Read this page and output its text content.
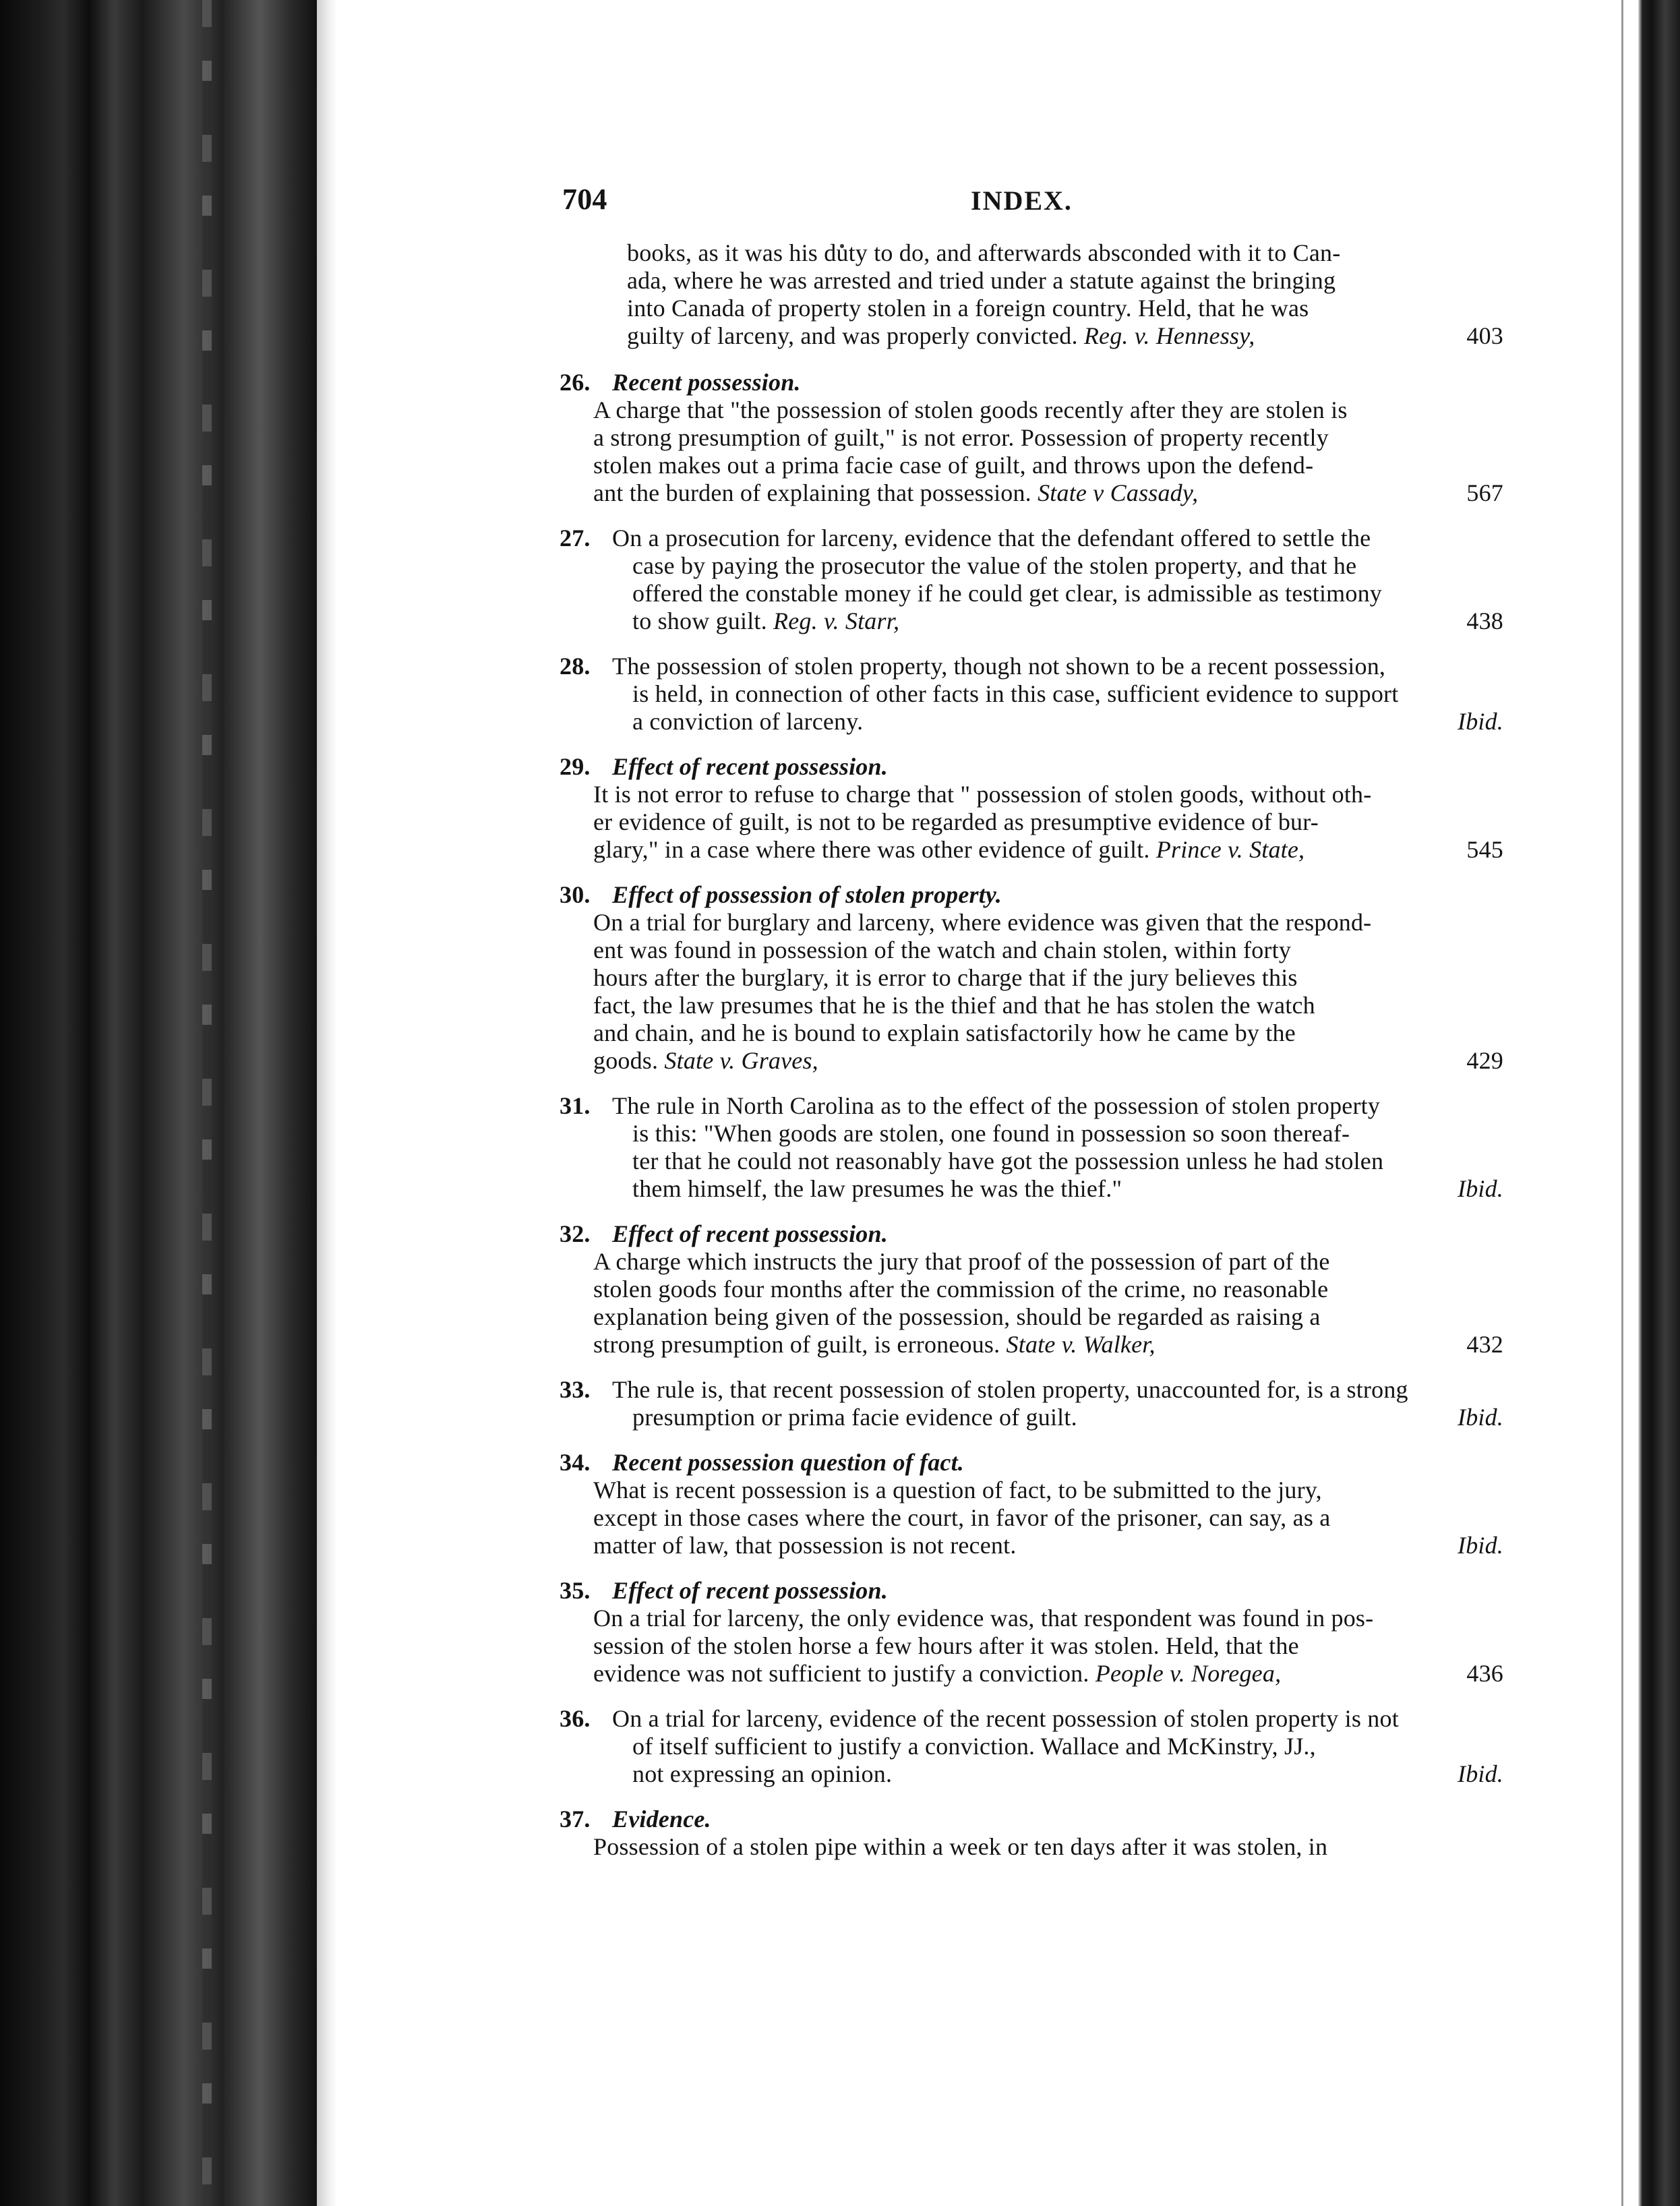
704	INDEX.
books, as it was his duty to do, and afterwards absconded with it to Can-
ada, where he was arrested and tried under a statute against the bringing
into Canada of property stolen in a foreign country. Held, that he was
guilty of larceny, and was properly convicted. Reg. v. Hennessy,	403
26. Recent possession.
A charge that "the possession of stolen goods recently after they are stolen is
a strong presumption of guilt," is not error. Possession of property recently
stolen makes out a prima facie case of guilt, and throws upon the defend-
ant the burden of explaining that possession. State v Cassady,	567
27. On a prosecution for larceny, evidence that the defendant offered to settle the
case by paying the prosecutor the value of the stolen property, and that he
offered the constable money if he could get clear, is admissible as testimony
to show guilt. Reg. v. Starr,	438
28. The possession of stolen property, though not shown to be a recent possession,
is held, in connection of other facts in this case, sufficient evidence to support
a conviction of larceny.	Ibid.
29. Effect of recent possession.
It is not error to refuse to charge that " possession of stolen goods, without oth-
er evidence of guilt, is not to be regarded as presumptive evidence of bur-
glary," in a case where there was other evidence of guilt. Prince v. State,	545
30. Effect of possession of stolen property.
On a trial for burglary and larceny, where evidence was given that the respond-
ent was found in possession of the watch and chain stolen, within forty
hours after the burglary, it is error to charge that if the jury believes this
fact, the law presumes that he is the thief and that he has stolen the watch
and chain, and he is bound to explain satisfactorily how he came by the
goods. State v. Graves,	429
31. The rule in North Carolina as to the effect of the possession of stolen property
is this: "When goods are stolen, one found in possession so soon thereaf-
ter that he could not reasonably have got the possession unless he had stolen
them himself, the law presumes he was the thief."	Ibid.
32. Effect of recent possession.
A charge which instructs the jury that proof of the possession of part of the
stolen goods four months after the commission of the crime, no reasonable
explanation being given of the possession, should be regarded as raising a
strong presumption of guilt, is erroneous. State v. Walker,	432
33. The rule is, that recent possession of stolen property, unaccounted for, is a strong
presumption or prima facie evidence of guilt.	Ibid.
34. Recent possession question of fact.
What is recent possession is a question of fact, to be submitted to the jury,
except in those cases where the court, in favor of the prisoner, can say, as a
matter of law, that possession is not recent.	Ibid.
35. Effect of recent possession.
On a trial for larceny, the only evidence was, that respondent was found in pos-
session of the stolen horse a few hours after it was stolen. Held, that the
evidence was not sufficient to justify a conviction. People v. Noregea,	436
36. On a trial for larceny, evidence of the recent possession of stolen property is not
of itself sufficient to justify a conviction. Wallace and McKinstry, JJ.,
not expressing an opinion.	Ibid.
37. Evidence.
Possession of a stolen pipe within a week or ten days after it was stolen, in
